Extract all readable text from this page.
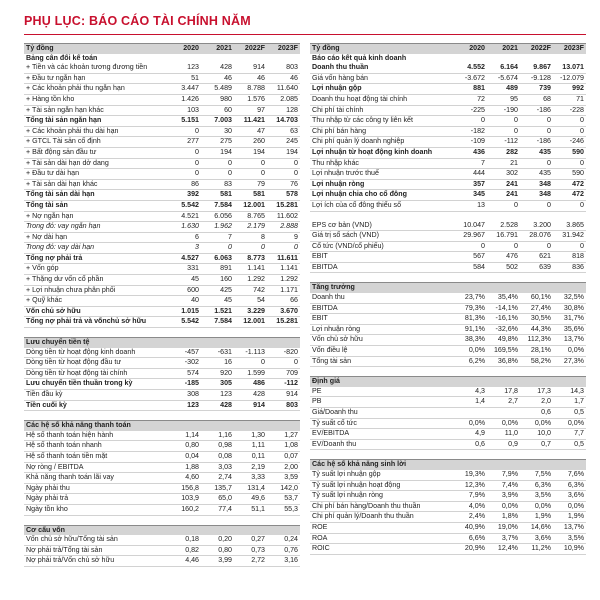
PHỤ LỤC: BÁO CÁO TÀI CHÍNH NĂM
Tỷ đồng	2020	2021	2022F	2023F
Bảng cân đối kế toán				
+ Tiền và các khoản tương đương tiền	123	428	914	803
+ Đầu tư ngắn hạn	51	46	46	46
+ Các khoản phải thu ngắn hạn	3.447	5.489	8.788	11.640
+ Hàng tồn kho	1.426	980	1.576	2.085
+ Tài sản ngắn hạn khác	103	60	97	128
Tổng tài sản ngắn hạn	5.151	7.003	11.421	14.703
+ Các khoản phải thu dài hạn	0	30	47	63
+ GTCL Tài sản cố định	277	275	260	245
+ Bất động sản đầu tư	0	194	194	194
+ Tài sản dài hạn dở dang	0	0	0	0
+ Đầu tư dài hạn	0	0	0	0
+ Tài sản dài hạn khác	86	83	79	76
Tổng tài sản dài hạn	392	581	581	578
Tổng tài sản	5.542	7.584	12.001	15.281
+ Nợ ngắn hạn	4.521	6.056	8.765	11.602
Trong đó: vay ngắn hạn	1.630	1.962	2.179	2.888
+ Nợ dài hạn	6	7	8	9
Trong đó: vay dài hạn	3	0	0	0
Tổng nợ phải trả	4.527	6.063	8.773	11.611
+ Vốn góp	331	891	1.141	1.141
+ Thặng dư vốn cổ phần	45	160	1.292	1.292
+ Lợi nhuận chưa phân phối	600	425	742	1.171
+ Quỹ khác	40	45	54	66
Vốn chủ sở hữu	1.015	1.521	3.229	3.670
Tổng nợ phải trả và vốnchủ sở hữu	5.542	7.584	12.001	15.281

Lưu chuyển tiền tệ				
Dòng tiền từ hoạt động kinh doanh	-457	-631	-1.113	-820
Dòng tiền từ hoạt động đầu tư	-302	16	0	0
Dòng tiền từ hoạt động tài chính	574	920	1.599	709
Lưu chuyển tiền thuần trong kỳ	-185	305	486	-112
Tiền đầu kỳ	308	123	428	914
Tiền cuối kỳ	123	428	914	803

Các hệ số khả năng thanh toán				
Hệ số thanh toán hiện hành	1,14	1,16	1,30	1,27
Hệ số thanh toán nhanh	0,80	0,98	1,11	1,08
Hệ số thanh toán tiền mặt	0,04	0,08	0,11	0,07
Nợ ròng / EBITDA	1,88	3,03	2,19	2,00
Khả năng thanh toán lãi vay	4,60	2,74	3,33	3,59
Ngày phải thu	156,8	135,7	131,4	142,0
Ngày phải trả	103,9	65,0	49,6	53,7
Ngày tồn kho	160,2	77,4	51,1	55,3

Cơ cấu vốn				
Vốn chủ sở hữu/Tổng tài sản	0,18	0,20	0,27	0,24
Nợ phải trả/Tổng tài sản	0,82	0,80	0,73	0,76
Nợ phải trả/Vốn chủ sở hữu	4,46	3,99	2,72	3,16
Tỷ đồng	2020	2021	2022F	2023F
Báo cáo kết quả kinh doanh				
Doanh thu thuần	4.552	6.164	9.867	13.071
Giá vốn hàng bán	-3.672	-5.674	-9.128	-12.079
Lợi nhuận gộp	881	489	739	992
Doanh thu hoạt động tài chính	72	95	68	71
Chi phí tài chính	-225	-190	-186	-228
Thu nhập từ các công ty liên kết	0	0	0	0
Chi phí bán hàng	-182	0	0	0
Chi phí quản lý doanh nghiệp	-109	-112	-186	-246
Lợi nhuận từ hoạt động kinh doanh	436	282	435	590
Thu nhập khác	7	21	0	0
Lợi nhuận trước thuế	444	302	435	590
Lợi nhuận ròng	357	241	348	472
Lợi nhuận chia cho cổ đông	345	241	348	472
Lợi ích của cổ đông thiểu số	13	0	0	0

EPS cơ bản (VND)	10.047	2.528	3.200	3.865
Giá trị sổ sách (VND)	29.967	16.791	28.076	31.942
Cổ tức (VND/cổ phiếu)	0	0	0	0
EBIT	567	476	621	818
EBITDA	584	502	639	836

Tăng trưởng				
Doanh thu	23,7%	35,4%	60,1%	32,5%
EBITDA	79,3%	-14,1%	27,4%	30,8%
EBIT	81,3%	-16,1%	30,5%	31,7%
Lợi nhuận ròng	91,1%	-32,6%	44,3%	35,6%
Vốn chủ sở hữu	38,3%	49,8%	112,3%	13,7%
Vốn điều lệ	0,0%	169,5%	28,1%	0,0%
Tổng tài sản	6,2%	36,8%	58,2%	27,3%

Định giá				
PE	4,3	17,8	17,3	14,3
PB	1,4	2,7	2,0	1,7
Giá/Doanh thu			0,6	0,5
Tỷ suất cổ tức	0,0%	0,0%	0,0%	0,0%
EV/EBITDA	4,9	11,0	10,0	7,7
EV/Doanh thu	0,6	0,9	0,7	0,5

Các hệ số khả năng sinh lời				
Tỷ suất lợi nhuận gộp	19,3%	7,9%	7,5%	7,6%
Tỷ suất lợi nhuận hoạt động	12,3%	7,4%	6,3%	6,3%
Tỷ suất lợi nhuận ròng	7,9%	3,9%	3,5%	3,6%
Chi phí bán hàng/Doanh thu thuần	4,0%	0,0%	0,0%	0,0%
Chi phí quản lý/Doanh thu thuần	2,4%	1,8%	1,9%	1,9%
ROE	40,9%	19,0%	14,6%	13,7%
ROA	6,6%	3,7%	3,6%	3,5%
ROIC	20,9%	12,4%	11,2%	10,9%
